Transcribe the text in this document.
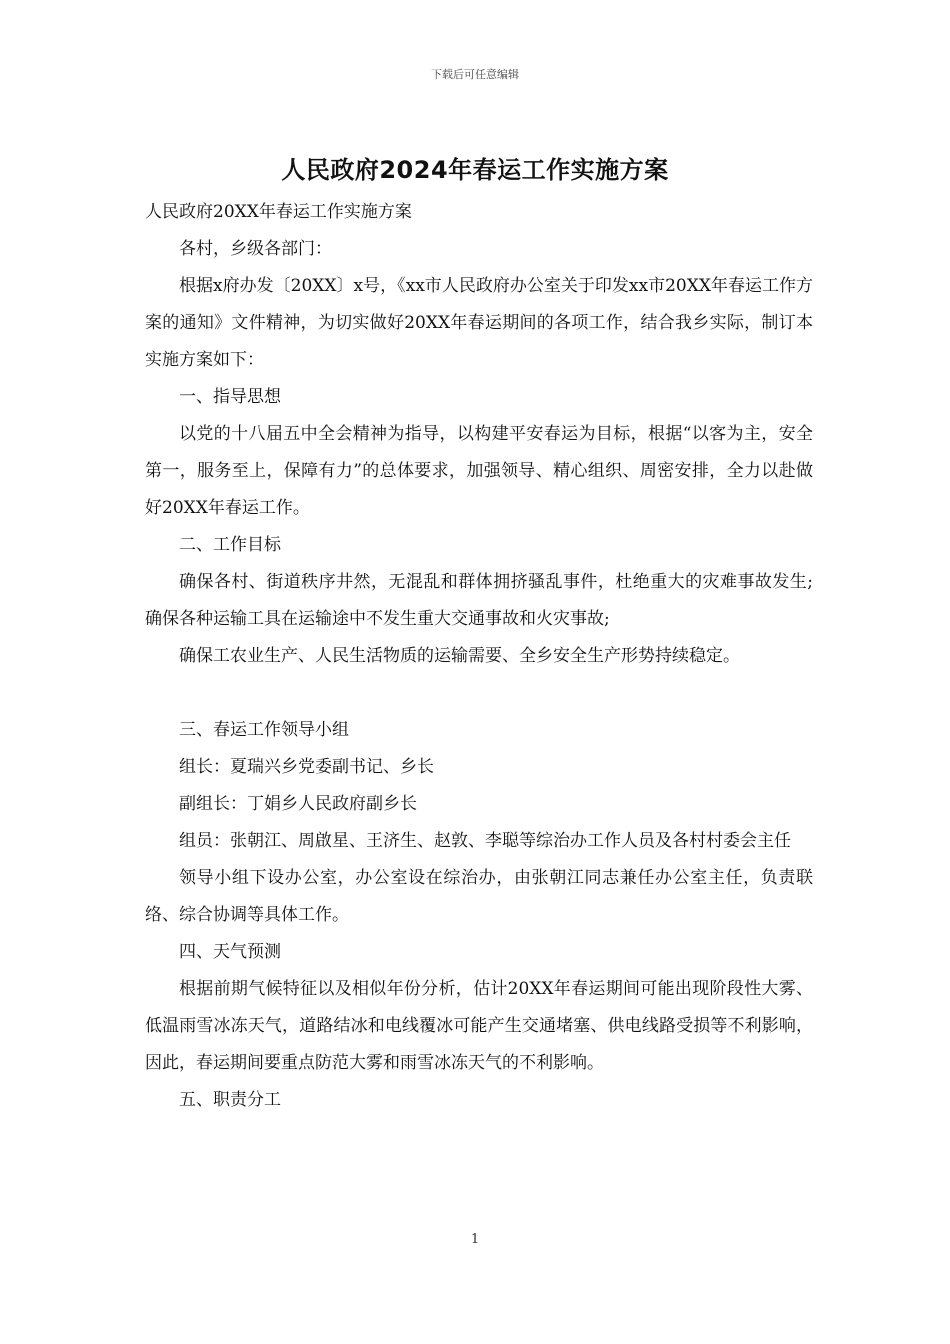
下载后可任意编辑
人民政府2024年春运工作实施方案

人民政府20XX年春运工作实施方案

各村，乡级各部门：

根据x府办发〔20XX〕x号，《xx市人民政府办公室关于印发xx市20XX年春运工作方案的通知》文件精神，为切实做好20XX年春运期间的各项工作，结合我乡实际，制订本实施方案如下：

一、指导思想

以党的十八届五中全会精神为指导，以构建平安春运为目标，根据“以客为主，安全第一，服务至上，保障有力”的总体要求，加强领导、精心组织、周密安排，全力以赴做好20XX年春运工作。

二、工作目标

确保各村、街道秩序井然，无混乱和群体拥挤骚乱事件，杜绝重大的灾难事故发生;确保各种运输工具在运输途中不发生重大交通事故和火灾事故;

确保工农业生产、人民生活物质的运输需要、全乡安全生产形势持续稳定。

三、春运工作领导小组

组长：夏瑞兴乡党委副书记、乡长

副组长：丁娟乡人民政府副乡长

组员：张朝江、周啟星、王济生、赵敦、李聪等综治办工作人员及各村村委会主任

领导小组下设办公室，办公室设在综治办，由张朝江同志兼任办公室主任，负责联络、综合协调等具体工作。

四、天气预测

根据前期气候特征以及相似年份分析，估计20XX年春运期间可能出现阶段性大雾、低温雨雪冰冻天气，道路结冰和电线覆冰可能产生交通堵塞、供电线路受损等不利影响，因此，春运期间要重点防范大雾和雨雪冰冻天气的不利影响。

五、职责分工

1
